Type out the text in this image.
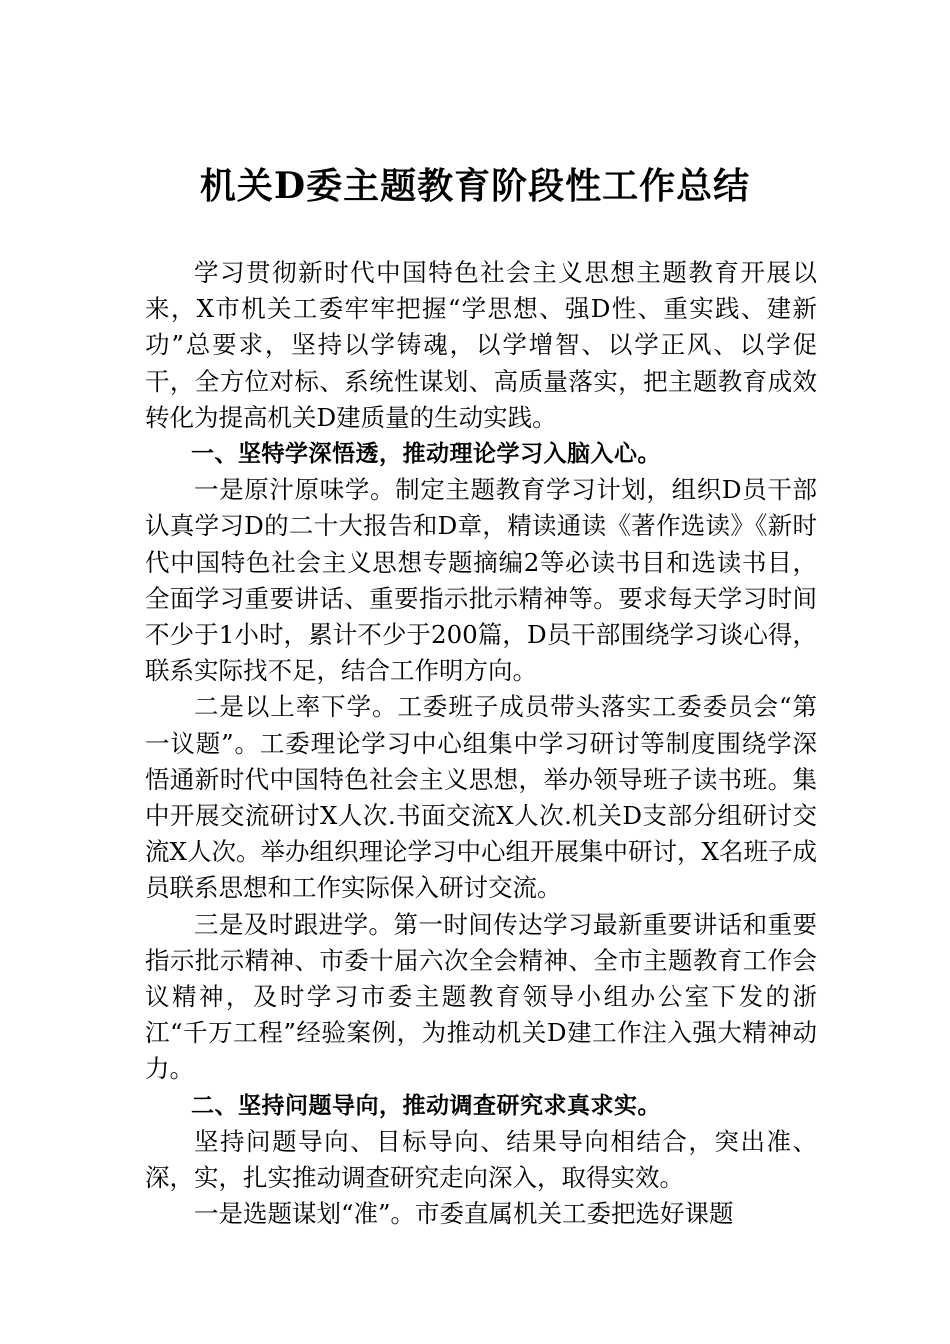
机关D委主题教育阶段性工作总结

学习贯彻新时代中国特色社会主义思想主题教育开展以来，X市机关工委牢牢把握“学思想、强D性、重实践、建新功”总要求，坚持以学铸魂，以学增智、以学正风、以学促干，全方位对标、系统性谋划、高质量落实，把主题教育成效转化为提高机关D建质量的生动实践。

一、坚特学深悟透，推动理论学习入脑入心。

一是原汁原味学。制定主题教育学习计划，组织D员干部认真学习D的二十大报告和D章，精读通读《著作选读》《新时代中国特色社会主义思想专题摘编2等必读书目和选读书目，全面学习重要讲话、重要指示批示精神等。要求每天学习时间不少于1小时，累计不少于200篇，D员干部围绕学习谈心得，联系实际找不足，结合工作明方向。

二是以上率下学。工委班子成员带头落实工委委员会“第一议题”。工委理论学习中心组集中学习研讨等制度围绕学深悟通新时代中国特色社会主义思想，举办领导班子读书班。集中开展交流研讨X人次.书面交流X人次.机关D支部分组研讨交流X人次。举办组织理论学习中心组开展集中研讨，X名班子成员联系思想和工作实际保入研讨交流。

三是及时跟进学。第一时间传达学习最新重要讲话和重要指示批示精神、市委十届六次全会精神、全市主题教育工作会议精神，及时学习市委主题教育领导小组办公室下发的浙江“千万工程”经验案例，为推动机关D建工作注入强大精神动力。

二、坚持问题导向，推动调查研究求真求实。

坚持问题导向、目标导向、结果导向相结合，突出准、深，实，扎实推动调查研究走向深入，取得实效。

一是选题谋划“准”。市委直属机关工委把选好课题
